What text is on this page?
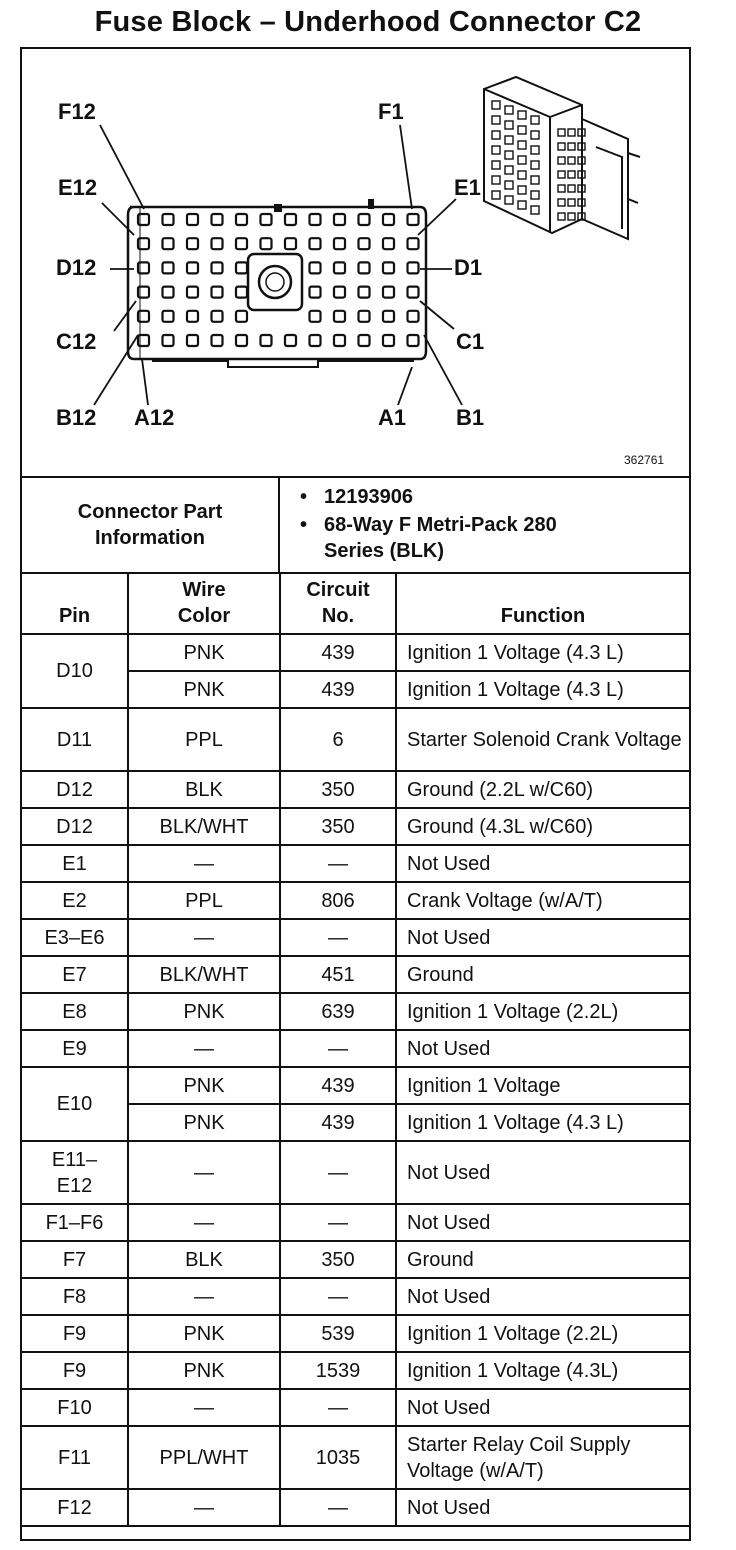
Fuse Block – Underhood Connector C2
F12	F1
E12	E1
D12	D1
C12	C1
B12 A12	A1 B1
362761
Connector Part Information
• 12193906
• 68-Way F Metri-Pack 280 Series (BLK)
Pin	Wire Color	Circuit No.	Function
D10	PNK	439	Ignition 1 Voltage (4.3 L)
	PNK	439	Ignition 1 Voltage (4.3 L)
D11	PPL	6	Starter Solenoid Crank Voltage
D12	BLK	350	Ground (2.2L w/C60)
D12	BLK/WHT	350	Ground (4.3L w/C60)
E1	—	—	Not Used
E2	PPL	806	Crank Voltage (w/A/T)
E3–E6	—	—	Not Used
E7	BLK/WHT	451	Ground
E8	PNK	639	Ignition 1 Voltage (2.2L)
E9	—	—	Not Used
E10	PNK	439	Ignition 1 Voltage
	PNK	439	Ignition 1 Voltage (4.3 L)
E11–E12	—	—	Not Used
F1–F6	—	—	Not Used
F7	BLK	350	Ground
F8	—	—	Not Used
F9	PNK	539	Ignition 1 Voltage (2.2L)
F9	PNK	1539	Ignition 1 Voltage (4.3L)
F10	—	—	Not Used
F11	PPL/WHT	1035	Starter Relay Coil Supply Voltage (w/A/T)
F12	—	—	Not Used
